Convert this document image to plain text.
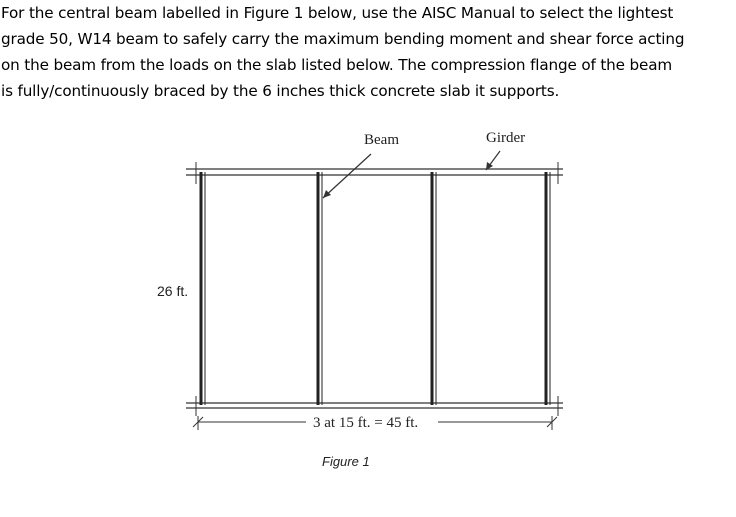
For the central beam labelled in Figure 1 below, use the AISC Manual to select the lightest
grade 50, W14 beam to safely carry the maximum bending moment and shear force acting
on the beam from the loads on the slab listed below. The compression flange of the beam
is fully/continuously braced by the 6 inches thick concrete slab it supports.
Beam	Girder
26 ft.
3 at 15 ft. = 45 ft.
Figure 1
